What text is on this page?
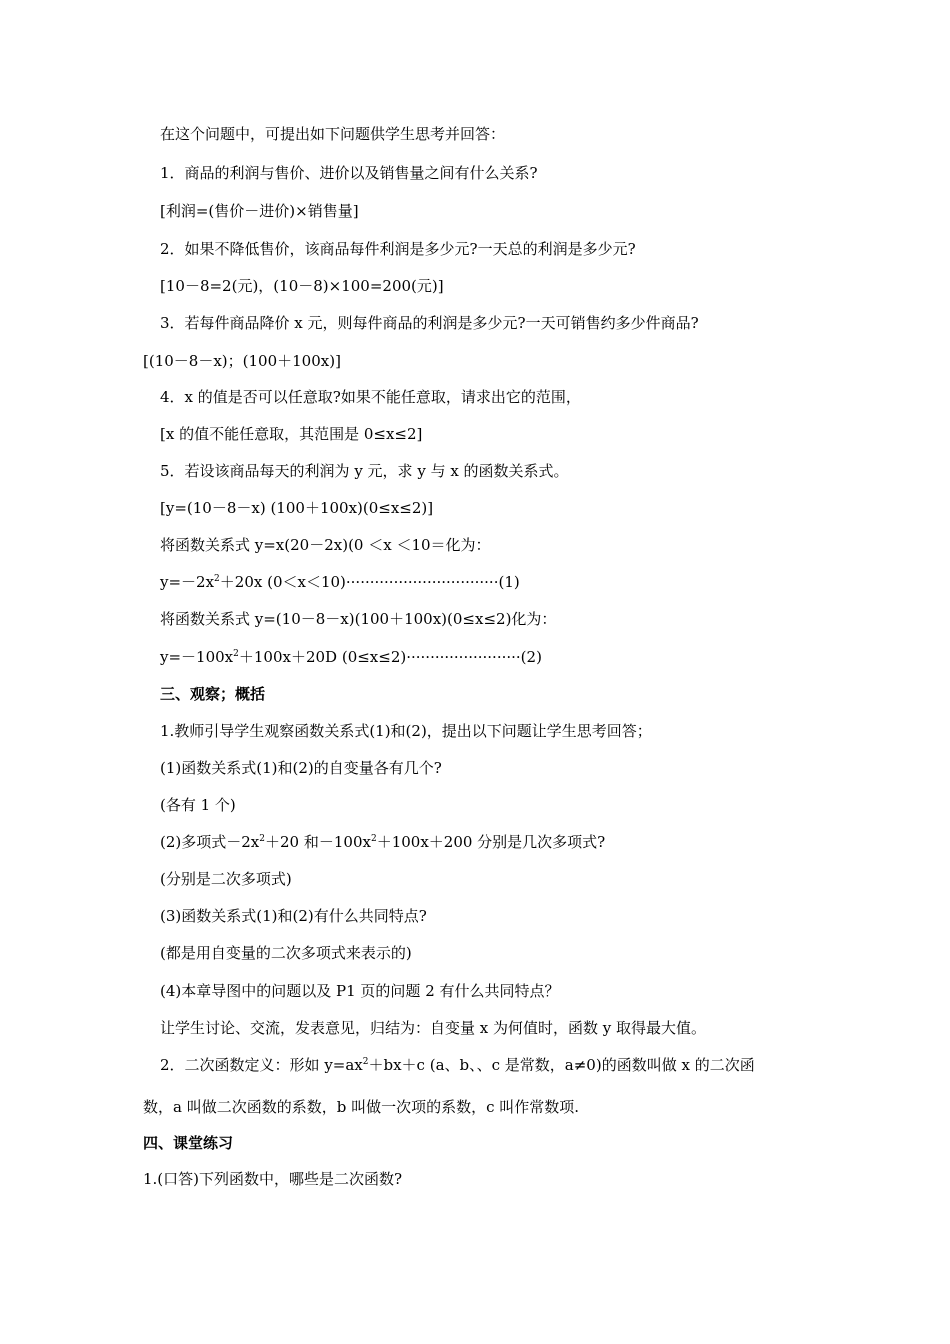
在这个问题中，可提出如下问题供学生思考并回答：
1．商品的利润与售价、进价以及销售量之间有什么关系?
[利润=(售价－进价)×销售量]
2．如果不降低售价，该商品每件利润是多少元?一天总的利润是多少元?
[10－8=2(元)，(10－8)×100=200(元)]
3．若每件商品降价 x 元，则每件商品的利润是多少元?一天可销售约多少件商品?
[(10－8－x)；(100＋100x)]
4．x 的值是否可以任意取?如果不能任意取，请求出它的范围，
[x 的值不能任意取，其范围是 0≤x≤2]
5．若设该商品每天的利润为 y 元，求 y 与 x 的函数关系式。
[y=(10－8－x) (100＋100x)(0≤x≤2)]
将函数关系式 y=x(20－2x)(0 ＜x ＜10＝化为：
$y=-2x^2+20x$ (0＜x＜10)································(1)
将函数关系式 y=(10－8－x)(100＋100x)(0≤x≤2)化为：
$y=-100x^2+100x+20D$ (0≤x≤2)························(2)
三、观察；概括
1.教师引导学生观察函数关系式(1)和(2)，提出以下问题让学生思考回答；
(1)函数关系式(1)和(2)的自变量各有几个?
(各有 1 个)
(2)多项式$-2x^2+20$ 和$-100x^2+100x+200$ 分别是几次多项式?
(分别是二次多项式)
(3)函数关系式(1)和(2)有什么共同特点?
(都是用自变量的二次多项式来表示的)
(4)本章导图中的问题以及 P1 页的问题 2 有什么共同特点？
让学生讨论、交流，发表意见，归结为：自变量 x 为何值时，函数 y 取得最大值。
2．二次函数定义：形如 $y=ax^2+bx+c$ (a、b、、c 是常数，a≠0)的函数叫做 x 的二次函
数，a 叫做二次函数的系数，b 叫做一次项的系数，c 叫作常数项.
四、课堂练习
1.(口答)下列函数中，哪些是二次函数?
